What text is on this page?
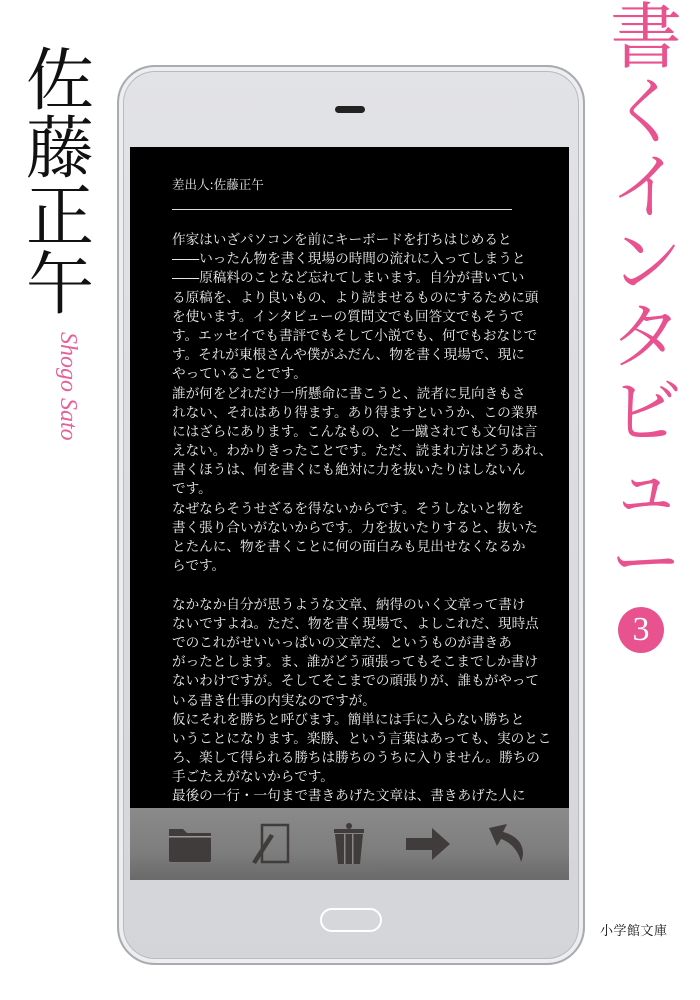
佐
藤
正
午
Shogo Sato
書
く
イ
ン
タ
ビ
ュ
ー
3
小学館文庫
差出人:佐藤正午
作家はいざパソコンを前にキーボードを打ちはじめると
――いったん物を書く現場の時間の流れに入ってしまうと
――原稿料のことなど忘れてしまいます。自分が書いてい
る原稿を、より良いもの、より読ませるものにするために頭
を使います。インタビューの質問文でも回答文でもそうで
す。エッセイでも書評でもそして小説でも、何でもおなじで
す。それが東根さんや僕がふだん、物を書く現場で、現に
やっていることです。
誰が何をどれだけ一所懸命に書こうと、読者に見向きもさ
れない、それはあり得ます。あり得ますというか、この業界
にはざらにあります。こんなもの、と一蹴されても文句は言
えない。わかりきったことです。ただ、読まれ方はどうあれ、
書くほうは、何を書くにも絶対に力を抜いたりはしないん
です。
なぜならそうせざるを得ないからです。そうしないと物を
書く張り合いがないからです。力を抜いたりすると、抜いた
とたんに、物を書くことに何の面白みも見出せなくなるか
らです。
なかなか自分が思うような文章、納得のいく文章って書け
ないですよね。ただ、物を書く現場で、よしこれだ、現時点
でのこれがせいいっぱいの文章だ、というものが書きあ
がったとします。ま、誰がどう頑張ってもそこまでしか書け
ないわけですが。そしてそこまでの頑張りが、誰もがやって
いる書き仕事の内実なのですが。
仮にそれを勝ちと呼びます。簡単には手に入らない勝ちと
いうことになります。楽勝、という言葉はあっても、実のとこ
ろ、楽して得られる勝ちは勝ちのうちに入りません。勝ちの
手ごたえがないからです。
最後の一行・一句まで書きあげた文章は、書きあげた人に
